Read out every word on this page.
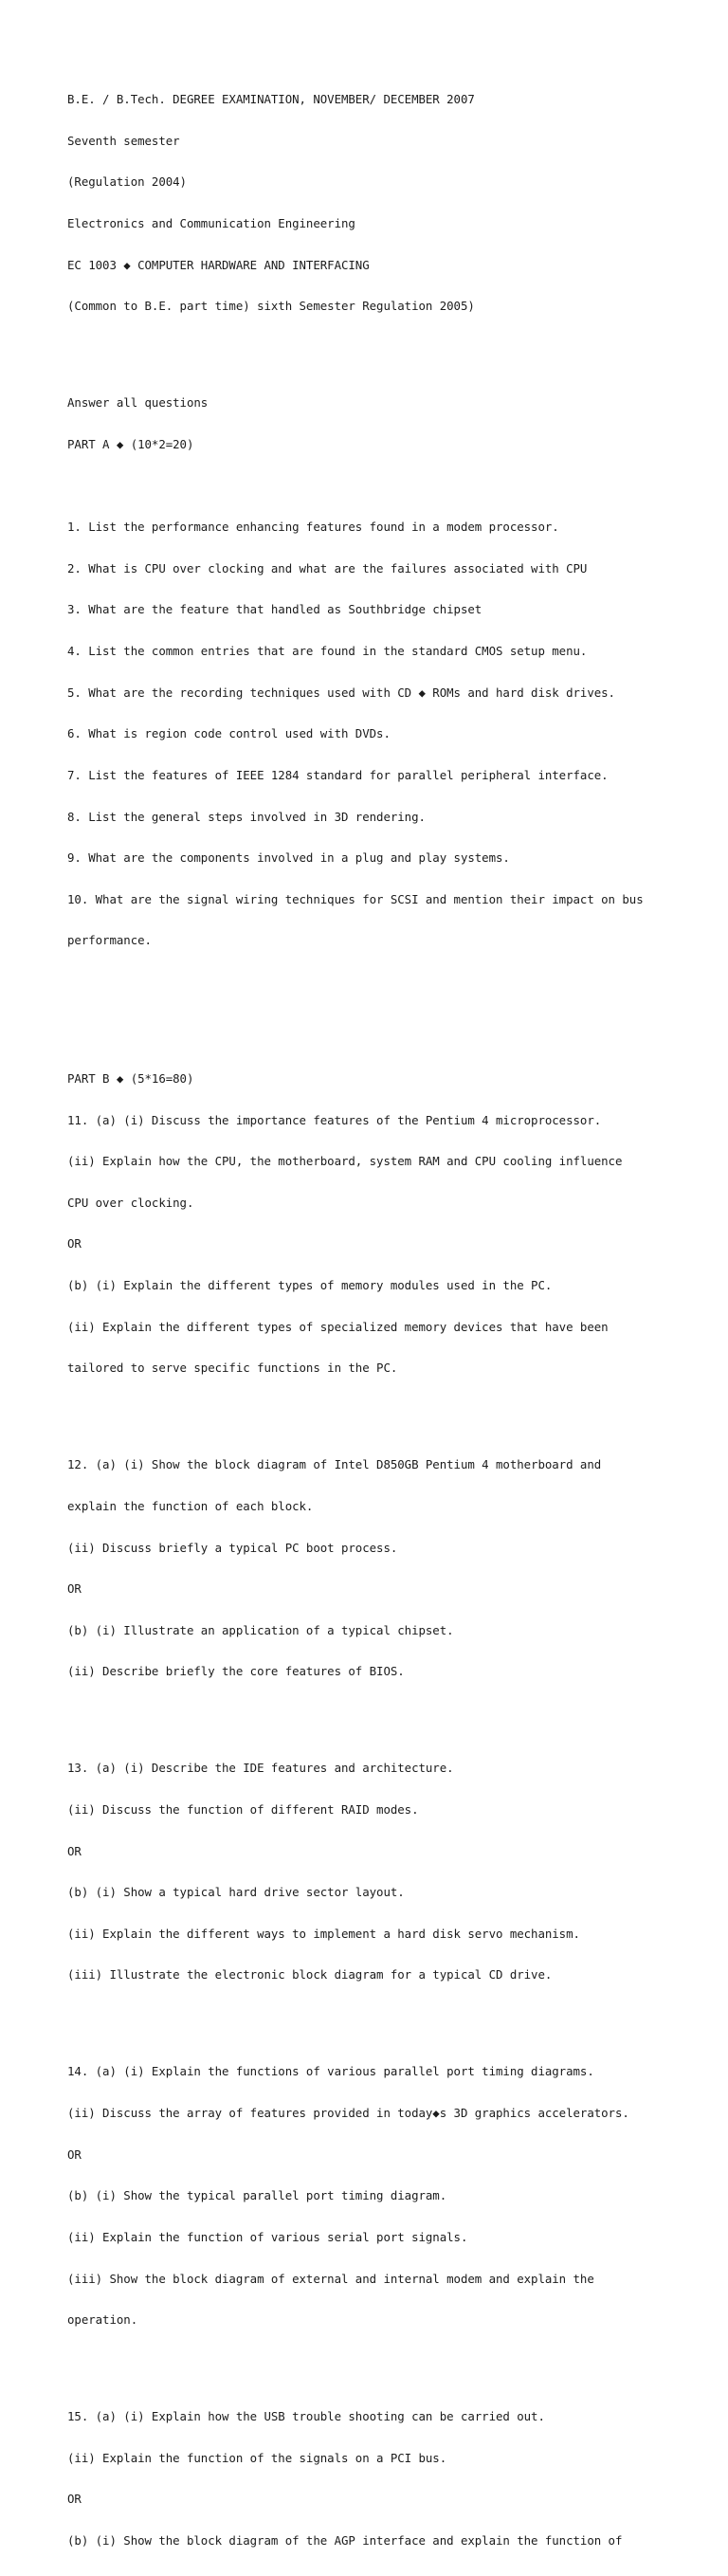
B.E. / B.Tech. DEGREE EXAMINATION, NOVEMBER/ DECEMBER 2007

Seventh semester

(Regulation 2004)

Electronics and Communication Engineering

EC 1003 ◆ COMPUTER HARDWARE AND INTERFACING

(Common to B.E. part time) sixth Semester Regulation 2005)

Answer all questions

PART A ◆ (10*2=20)

1. List the performance enhancing features found in a modem processor.

2. What is CPU over clocking and what are the failures associated with CPU

3. What are the feature that handled as Southbridge chipset

4. List the common entries that are found in the standard CMOS setup menu.

5. What are the recording techniques used with CD ◆ ROMs and hard disk drives.

6. What is region code control used with DVDs.

7. List the features of IEEE 1284 standard for parallel peripheral interface.

8. List the general steps involved in 3D rendering.

9. What are the components involved in a plug and play systems.

10. What are the signal wiring techniques for SCSI and mention their impact on bus

performance.

PART B ◆ (5*16=80)

11. (a) (i) Discuss the importance features of the Pentium 4 microprocessor.

(ii) Explain how the CPU, the motherboard, system RAM and CPU cooling influence

CPU over clocking.

OR

(b) (i) Explain the different types of memory modules used in the PC.

(ii) Explain the different types of specialized memory devices that have been

tailored to serve specific functions in the PC.

12. (a) (i) Show the block diagram of Intel D850GB Pentium 4 motherboard and

explain the function of each block.

(ii) Discuss briefly a typical PC boot process.

OR

(b) (i) Illustrate an application of a typical chipset.

(ii) Describe briefly the core features of BIOS.

13. (a) (i) Describe the IDE features and architecture.

(ii) Discuss the function of different RAID modes.

OR

(b) (i) Show a typical hard drive sector layout.

(ii) Explain the different ways to implement a hard disk servo mechanism.

(iii) Illustrate the electronic block diagram for a typical CD drive.

14. (a) (i) Explain the functions of various parallel port timing diagrams.

(ii) Discuss the array of features provided in today◆s 3D graphics accelerators.

OR

(b) (i) Show the typical parallel port timing diagram.

(ii) Explain the function of various serial port signals.

(iii) Show the block diagram of external and internal modem and explain the

operation.

15. (a) (i) Explain how the USB trouble shooting can be carried out.

(ii) Explain the function of the signals on a PCI bus.

OR

(b) (i) Show the block diagram of the AGP interface and explain the function of
